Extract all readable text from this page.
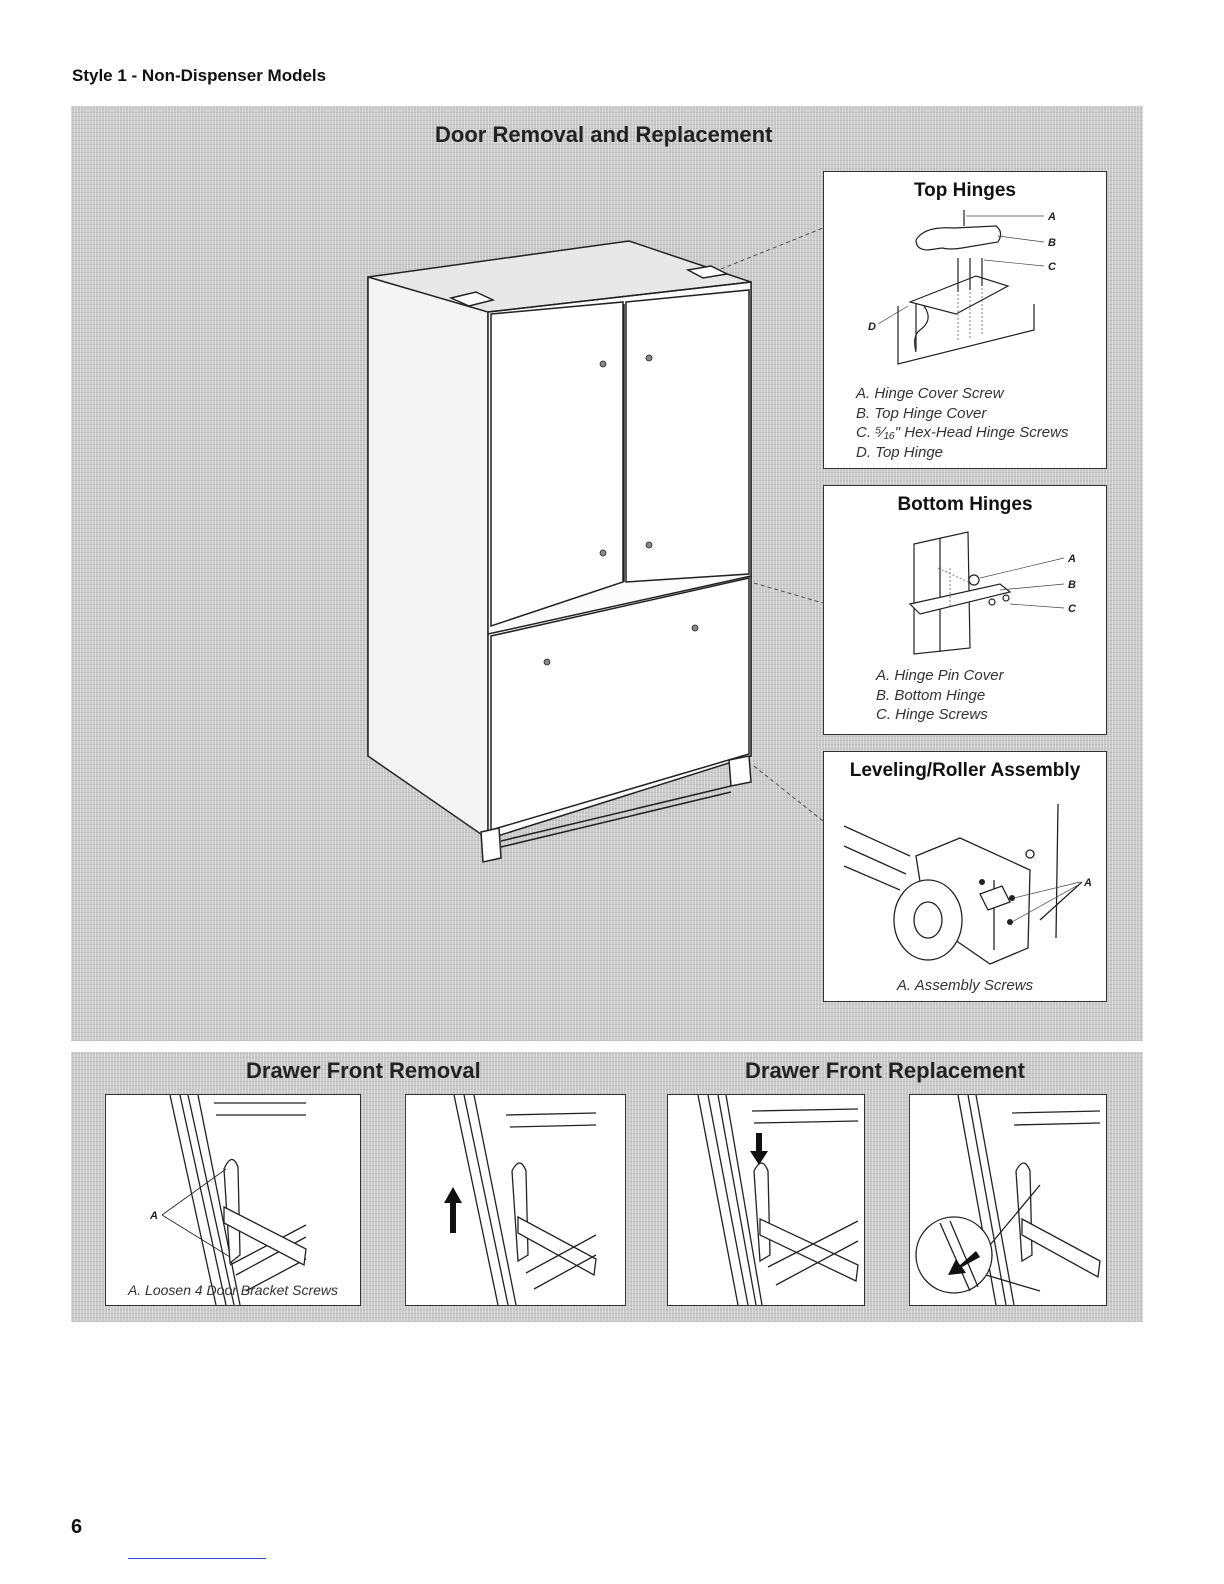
Style 1 - Non-Dispenser Models
Door Removal and Replacement
Top Hinges
A
B
C
D
A. Hinge Cover Screw
B. Top Hinge Cover
C. ⁵⁄₁₆" Hex-Head Hinge Screws
D. Top Hinge
Bottom Hinges
A
B
C
A. Hinge Pin Cover
B. Bottom Hinge
C. Hinge Screws
Leveling/Roller Assembly
A
A. Assembly Screws
Drawer Front Removal	Drawer Front Replacement
A
A. Loosen 4 Door Bracket Screws

6
